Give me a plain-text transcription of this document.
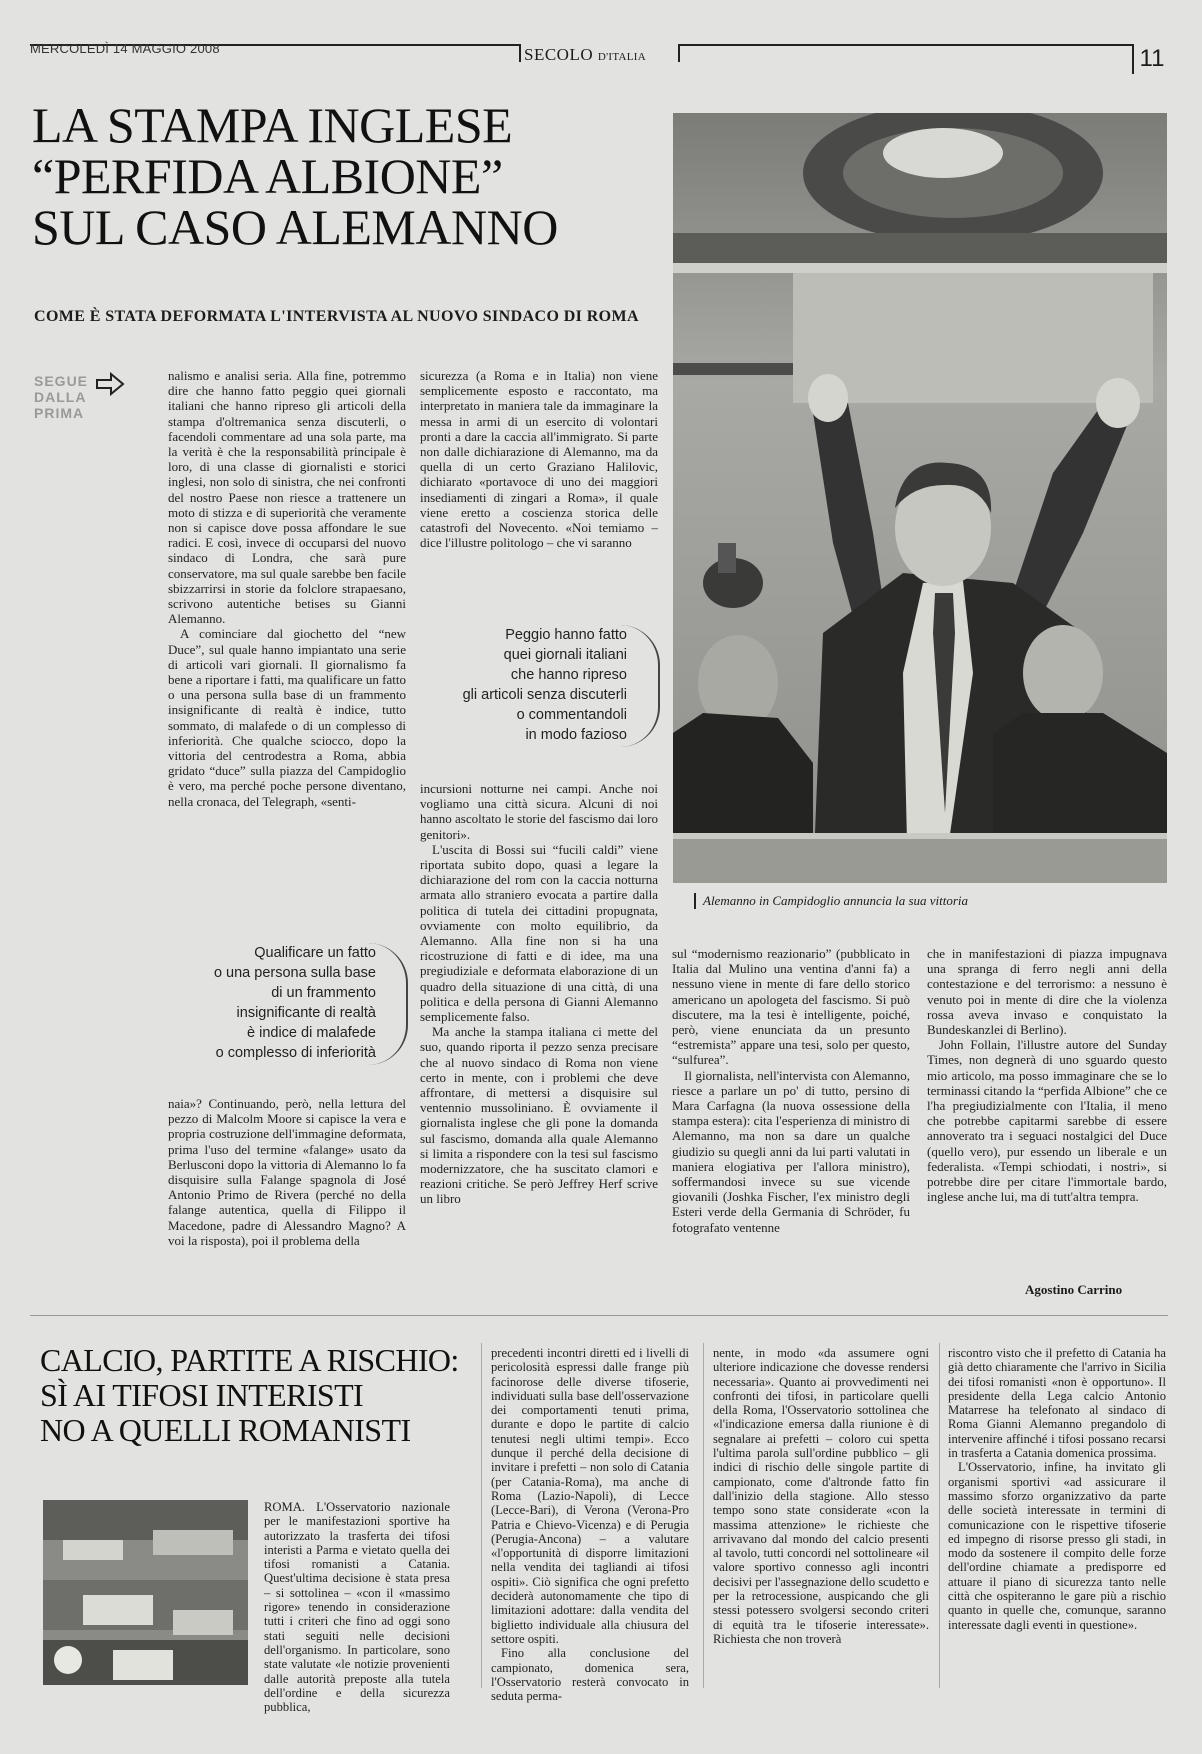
MERCOLEDÌ 14 MAGGIO 2008	SECOLO D'ITALIA	11
LA STAMPA INGLESE
“PERFIDA ALBIONE”
SUL CASO ALEMANNO
COME È STATA DEFORMATA L'INTERVISTA AL NUOVO SINDACO DI ROMA
SEGUE
DALLA
PRIMA

nalismo e analisi seria. Alla fine, potremmo dire che hanno fatto peggio quei giornali italiani che hanno ripreso gli articoli della stampa d'oltremanica senza discuterli, o facendoli commentare ad una sola parte, ma la verità è che la responsabilità principale è loro, di una classe di giornalisti e storici inglesi, non solo di sinistra, che nei confronti del nostro Paese non riesce a trattenere un moto di stizza e di superiorità che veramente non si capisce dove possa affondare le sue radici. E così, invece di occuparsi del nuovo sindaco di Londra, che sarà pure conservatore, ma sul quale sarebbe ben facile sbizzarrirsi in storie da folclore strapaesano, scrivono autentiche betises su Gianni Alemanno.

A cominciare dal giochetto del “new Duce”, sul quale hanno impiantato una serie di articoli vari giornali. Il giornalismo fa bene a riportare i fatti, ma qualificare un fatto o una persona sulla base di un frammento insignificante di realtà è indice, tutto sommato, di malafede o di un complesso di inferiorità. Che qualche sciocco, dopo la vittoria del centrodestra a Roma, abbia gridato “duce” sulla piazza del Campidoglio è vero, ma perché poche persone diventano, nella cronaca, del Telegraph, «senti-

Qualificare un fatto
o una persona sulla base
di un frammento
insignificante di realtà
è indice di malafede
o complesso di inferiorità

naia»? Continuando, però, nella lettura del pezzo di Malcolm Moore si capisce la vera e propria costruzione dell'immagine deformata, prima l'uso del termine «falange» usato da Berlusconi dopo la vittoria di Alemanno lo fa disquisire sulla Falange spagnola di José Antonio Primo de Rivera (perché no della falange autentica, quella di Filippo il Macedone, padre di Alessandro Magno? A voi la risposta), poi il problema della

sicurezza (a Roma e in Italia) non viene semplicemente esposto e raccontato, ma interpretato in maniera tale da immaginare la messa in armi di un esercito di volontari pronti a dare la caccia all'immigrato. Si parte non dalle dichiarazione di Alemanno, ma da quella di un certo Graziano Halilovic, dichiarato «portavoce di uno dei maggiori insediamenti di zingari a Roma», il quale viene eretto a coscienza storica delle catastrofi del Novecento. «Noi temiamo – dice l'illustre politologo – che vi saranno

Peggio hanno fatto
quei giornali italiani
che hanno ripreso
gli articoli senza discuterli
o commentandoli
in modo fazioso

incursioni notturne nei campi. Anche noi vogliamo una città sicura. Alcuni di noi hanno ascoltato le storie del fascismo dai loro genitori».

L'uscita di Bossi sui “fucili caldi” viene riportata subito dopo, quasi a legare la dichiarazione del rom con la caccia notturna armata allo straniero evocata a partire dalla politica di tutela dei cittadini propugnata, ovviamente con molto equilibrio, da Alemanno. Alla fine non si ha una ricostruzione di fatti e di idee, ma una pregiudiziale e deformata elaborazione di un quadro della situazione di una città, di una politica e della persona di Gianni Alemanno semplicemente falso.

Ma anche la stampa italiana ci mette del suo, quando riporta il pezzo senza precisare che al nuovo sindaco di Roma non viene certo in mente, con i problemi che deve affrontare, di mettersi a disquisire sul ventennio mussoliniano. È ovviamente il giornalista inglese che gli pone la domanda sul fascismo, domanda alla quale Alemanno si limita a rispondere con la tesi sul fascismo modernizzatore, che ha suscitato clamori e reazioni critiche. Se però Jeffrey Herf scrive un libro

Alemanno in Campidoglio annuncia la sua vittoria

sul “modernismo reazionario” (pubblicato in Italia dal Mulino una ventina d'anni fa) a nessuno viene in mente di fare dello storico americano un apologeta del fascismo. Si può discutere, ma la tesi è intelligente, poiché, però, viene enunciata da un presunto “estremista” appare una tesi, solo per questo, “sulfurea”.

Il giornalista, nell'intervista con Alemanno, riesce a parlare un po' di tutto, persino di Mara Carfagna (la nuova ossessione della stampa estera): cita l'esperienza di ministro di Alemanno, ma non sa dare un qualche giudizio su quegli anni da lui parti valutati in maniera elogiativa per l'allora ministro), soffermandosi invece su sue vicende giovanili (Joshka Fischer, l'ex ministro degli Esteri verde della Germania di Schröder, fu fotografato ventenne

che in manifestazioni di piazza impugnava una spranga di ferro negli anni della contestazione e del terrorismo: a nessuno è venuto poi in mente di dire che la violenza rossa aveva invaso e conquistato la Bundeskanzlei di Berlino).

John Follain, l'illustre autore del Sunday Times, non degnerà di uno sguardo questo mio articolo, ma posso immaginare che se lo terminassi citando la “perfida Albione” che ce l'ha pregiudizialmente con l'Italia, il meno che potrebbe capitarmi sarebbe di essere annoverato tra i seguaci nostalgici del Duce (quello vero), pur essendo un liberale e un federalista. «Tempi schiodati, i nostri», si potrebbe dire per citare l'immortale bardo, inglese anche lui, ma di tutt'altra tempra.

Agostino Carrino
CALCIO, PARTITE A RISCHIO:
SÌ AI TIFOSI INTERISTI
NO A QUELLI ROMANISTI

ROMA. L'Osservatorio nazionale per le manifestazioni sportive ha autorizzato la trasferta dei tifosi interisti a Parma e vietato quella dei tifosi romanisti a Catania. Quest'ultima decisione è stata presa – si sottolinea – «con il «massimo rigore» tenendo in considerazione tutti i criteri che fino ad oggi sono stati seguiti nelle decisioni dell'organismo. In particolare, sono state valutate «le notizie provenienti dalle autorità preposte alla tutela dell'ordine e della sicurezza pubblica,

precedenti incontri diretti ed i livelli di pericolosità espressi dalle frange più facinorose delle diverse tifoserie, individuati sulla base dell'osservazione dei comportamenti tenuti prima, durante e dopo le partite di calcio tenutesi negli ultimi tempi». Ecco dunque il perché della decisione di invitare i prefetti – non solo di Catania (per Catania-Roma), ma anche di Roma (Lazio-Napoli), di Lecce (Lecce-Bari), di Verona (Verona-Pro Patria e Chievo-Vicenza) e di Perugia (Perugia-Ancona) – a valutare «l'opportunità di disporre limitazioni nella vendita dei tagliandi ai tifosi ospiti». Ciò significa che ogni prefetto deciderà autonomamente che tipo di limitazioni adottare: dalla vendita del biglietto individuale alla chiusura del settore ospiti.

Fino alla conclusione del campionato, domenica sera, l'Osservatorio resterà convocato in seduta perma-

nente, in modo «da assumere ogni ulteriore indicazione che dovesse rendersi necessaria». Quanto ai provvedimenti nei confronti dei tifosi, in particolare quelli della Roma, l'Osservatorio sottolinea che «l'indicazione emersa dalla riunione è di segnalare ai prefetti – coloro cui spetta l'ultima parola sull'ordine pubblico – gli indici di rischio delle singole partite di campionato, come d'altronde fatto fin dall'inizio della stagione. Allo stesso tempo sono state considerate «con la massima attenzione» le richieste che arrivavano dal mondo del calcio presenti al tavolo, tutti concordi nel sottolineare «il valore sportivo connesso agli incontri decisivi per l'assegnazione dello scudetto e per la retrocessione, auspicando che gli stessi potessero svolgersi secondo criteri di equità tra le tifoserie interessate». Richiesta che non troverà

riscontro visto che il prefetto di Catania ha già detto chiaramente che l'arrivo in Sicilia dei tifosi romanisti «non è opportuno». Il presidente della Lega calcio Antonio Matarrese ha telefonato al sindaco di Roma Gianni Alemanno pregandolo di intervenire affinché i tifosi possano recarsi in trasferta a Catania domenica prossima.

L'Osservatorio, infine, ha invitato gli organismi sportivi «ad assicurare il massimo sforzo organizzativo da parte delle società interessate in termini di comunicazione con le rispettive tifoserie ed impegno di risorse presso gli stadi, in modo da sostenere il compito delle forze dell'ordine chiamate a predisporre ed attuare il piano di sicurezza tanto nelle città che ospiteranno le gare più a rischio quanto in quelle che, comunque, saranno interessate dagli eventi in questione».
